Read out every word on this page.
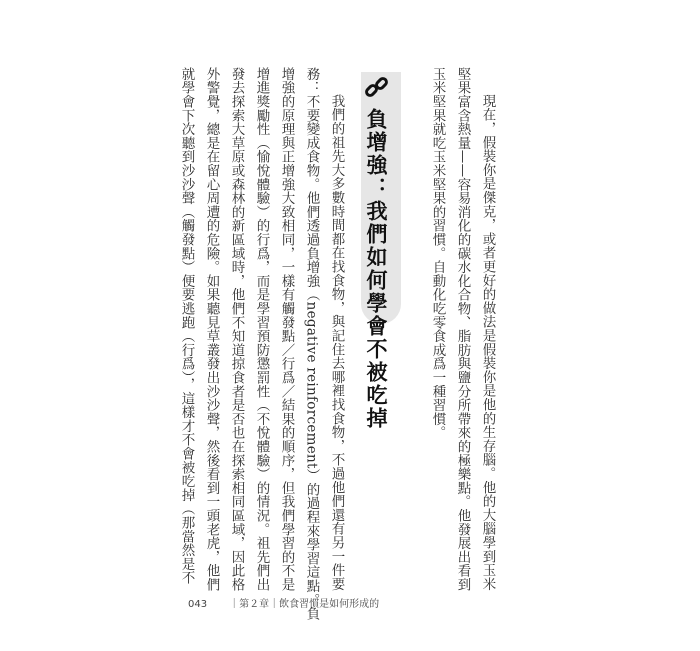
現在，假裝你是傑克，或者更好的做法是假裝你是他的生存腦。他的大腦學到玉米
堅果富含熱量——容易消化的碳水化合物、脂肪與鹽分所帶來的極樂點。他發展出看到
玉米堅果就吃玉米堅果的習慣。自動化吃零食成爲一種習慣。
負增強：我們如何學會不被吃掉
我們的祖先大多數時間都在找食物，與記住去哪裡找食物，不過他們還有另一件要
務：不要變成食物。他們透過負增強（negative reinforcement）的過程來學習這點。負
增強的原理與正增強大致相同，一樣有觸發點／行爲／結果的順序，但我們學習的不是
增進獎勵性（愉悅體驗）的行爲，而是學習預防懲罰性（不悅體驗）的情況。祖先們出
發去探索大草原或森林的新區域時，他們不知道掠食者是否也在探索相同區域，因此格
外警覺，總是在留心周遭的危險。如果聽見草叢發出沙沙聲，然後看到一頭老虎，他們
就學會下次聽到沙沙聲（觸發點）便要逃跑（行爲），這樣才不會被吃掉（那當然是不
043 ｜第２章｜飲食習慣是如何形成的
